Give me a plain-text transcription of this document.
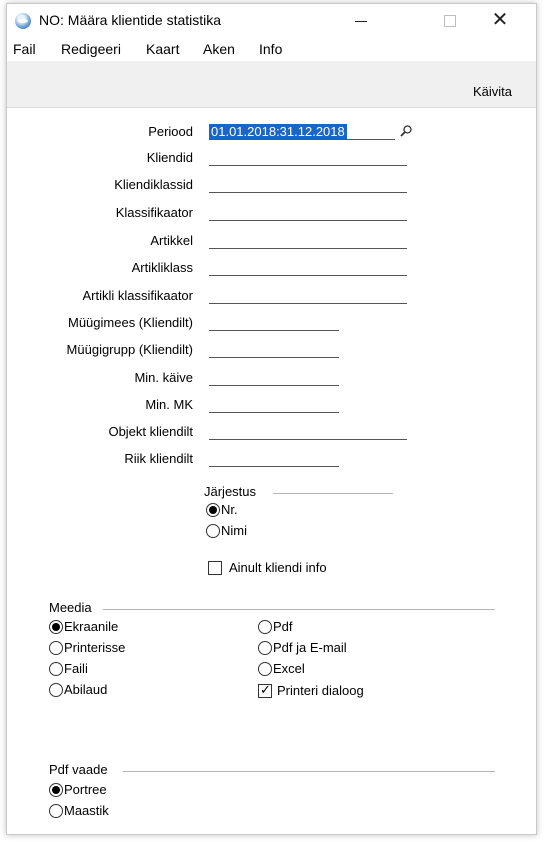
NO: Määra klientide statistika	✕
Fail Redigeeri Kaart Aken Info
Käivita
Periood 01.01.2018:31.12.2018
Kliendid
Kliendiklassid
Klassifikaator
Artikkel
Artikliklass
Artikli klassifikaator
Müügimees (Kliendilt)
Müügigrupp (Kliendilt)
Min. käive
Min. MK
Objekt kliendilt
Riik kliendilt
Järjestus
Nr.
Nimi
Ainult kliendi info
Meedia
Ekraanile
Printerisse
Faili
Abilaud
Pdf
Pdf ja E-mail
Excel
✓
Printeri dialoog
Pdf vaade
Portree
Maastik
